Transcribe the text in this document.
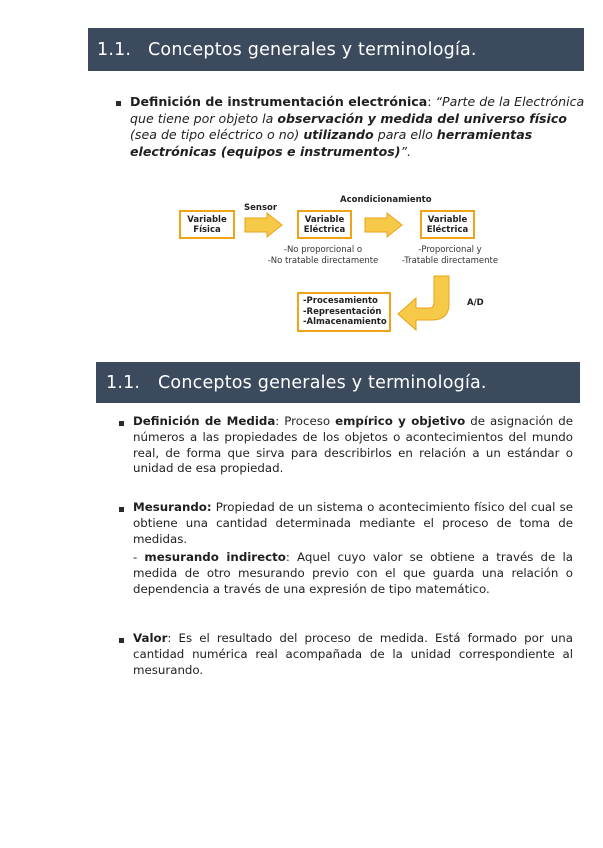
1.1. Conceptos generales y terminología.
Definición de instrumentación electrónica: “Parte de la Electrónica que tiene por objeto la observación y medida del universo físico (sea de tipo eléctrico o no) utilizando para ello herramientas electrónicas (equipos e instrumentos)”.
Acondicionamiento
Sensor
Variable
Física
Variable
Eléctrica
Variable
Eléctrica
-No proporcional o
-No tratable directamente
-Proporcional y
-Tratable directamente
A/D
-Procesamiento
-Representación
-Almacenamiento
1.1.	Conceptos generales y terminología.
Definición de Medida: Proceso empírico y objetivo de asignación de números a las propiedades de los objetos o acontecimientos del mundo real, de forma que sirva para describirlos en relación a un estándar o unidad de esa propiedad.
Mesurando: Propiedad de un sistema o acontecimiento físico del cual se obtiene una cantidad determinada mediante el proceso de toma de medidas.
- mesurando indirecto: Aquel cuyo valor se obtiene a través de la medida de otro mesurando previo con el que guarda una relación o dependencia a través de una expresión de tipo matemático.
Valor: Es el resultado del proceso de medida. Está formado por una cantidad numérica real acompañada de la unidad correspondiente al mesurando.
